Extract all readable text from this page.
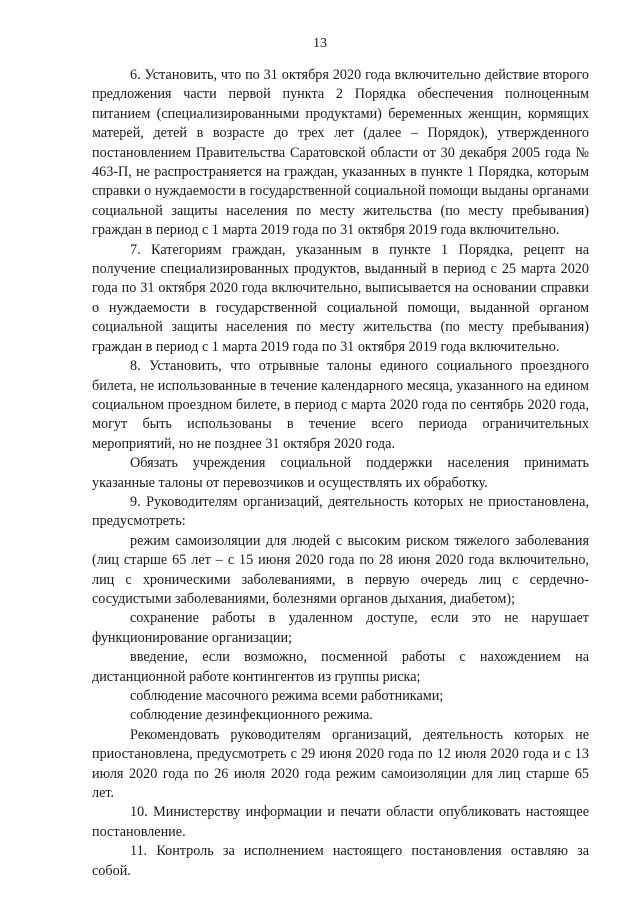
13

6. Установить, что по 31 октября 2020 года включительно действие второго предложения части первой пункта 2 Порядка обеспечения полноценным питанием (специализированными продуктами) беременных женщин, кормящих матерей, детей в возрасте до трех лет (далее – Порядок), утвержденного постановлением Правительства Саратовской области от 30 декабря 2005 года № 463-П, не распространяется на граждан, указанных в пункте 1 Порядка, которым справки о нуждаемости в государственной социальной помощи выданы органами социальной защиты населения по месту жительства (по месту пребывания) граждан в период с 1 марта 2019 года по 31 октября 2019 года включительно.

7. Категориям граждан, указанным в пункте 1 Порядка, рецепт на получение специализированных продуктов, выданный в период с 25 марта 2020 года по 31 октября 2020 года включительно, выписывается на основании справки о нуждаемости в государственной социальной помощи, выданной органом социальной защиты населения по месту жительства (по месту пребывания) граждан в период с 1 марта 2019 года по 31 октября 2019 года включительно.

8. Установить, что отрывные талоны единого социального проездного билета, не использованные в течение календарного месяца, указанного на едином социальном проездном билете, в период с марта 2020 года по сентябрь 2020 года, могут быть использованы в течение всего периода ограничительных мероприятий, но не позднее 31 октября 2020 года.

Обязать учреждения социальной поддержки населения принимать указанные талоны от перевозчиков и осуществлять их обработку.

9. Руководителям организаций, деятельность которых не приостановлена, предусмотреть:

режим самоизоляции для людей с высоким риском тяжелого заболевания (лиц старше 65 лет – с 15 июня 2020 года по 28 июня 2020 года включительно, лиц с хроническими заболеваниями, в первую очередь лиц с сердечно-сосудистыми заболеваниями, болезнями органов дыхания, диабетом);

сохранение работы в удаленном доступе, если это не нарушает функционирование организации;

введение, если возможно, посменной работы с нахождением на дистанционной работе контингентов из группы риска;

соблюдение масочного режима всеми работниками;

соблюдение дезинфекционного режима.

Рекомендовать руководителям организаций, деятельность которых не приостановлена, предусмотреть с 29 июня 2020 года по 12 июля 2020 года и с 13 июля 2020 года по 26 июля 2020 года режим самоизоляции для лиц старше 65 лет.

10. Министерству информации и печати области опубликовать настоящее постановление.

11. Контроль за исполнением настоящего постановления оставляю за собой.
